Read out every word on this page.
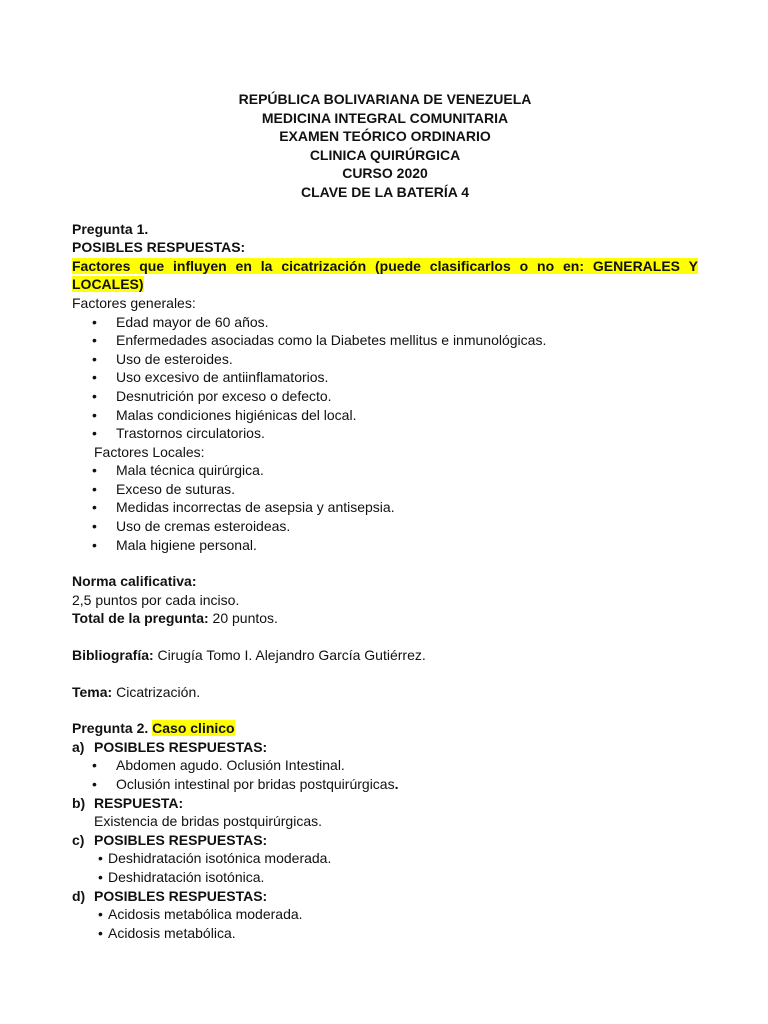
REPÚBLICA BOLIVARIANA DE VENEZUELA
MEDICINA INTEGRAL COMUNITARIA
EXAMEN TEÓRICO ORDINARIO
CLINICA QUIRÚRGICA
CURSO 2020
CLAVE DE LA BATERÍA 4
Pregunta 1.
POSIBLES RESPUESTAS:
Factores que influyen en la cicatrización (puede clasificarlos o no en: GENERALES Y LOCALES)
Factores generales:
• Edad mayor de 60 años.
• Enfermedades asociadas como la Diabetes mellitus e inmunológicas.
• Uso de esteroides.
• Uso excesivo de antiinflamatorios.
• Desnutrición por exceso o defecto.
• Malas condiciones higiénicas del local.
• Trastornos circulatorios.
Factores Locales:
• Mala técnica quirúrgica.
• Exceso de suturas.
• Medidas incorrectas de asepsia y antisepsia.
• Uso de cremas esteroideas.
• Mala higiene personal.
Norma calificativa:
2,5 puntos por cada inciso.
Total de la pregunta: 20 puntos.
Bibliografía: Cirugía Tomo I. Alejandro García Gutiérrez.
Tema: Cicatrización.
Pregunta 2. Caso clinico
a) POSIBLES RESPUESTAS:
• Abdomen agudo. Oclusión Intestinal.
• Oclusión intestinal por bridas postquirúrgicas.
b) RESPUESTA:
Existencia de bridas postquirúrgicas.
c) POSIBLES RESPUESTAS:
• Deshidratación isotónica moderada.
• Deshidratación isotónica.
d) POSIBLES RESPUESTAS:
• Acidosis metabólica moderada.
• Acidosis metabólica.
